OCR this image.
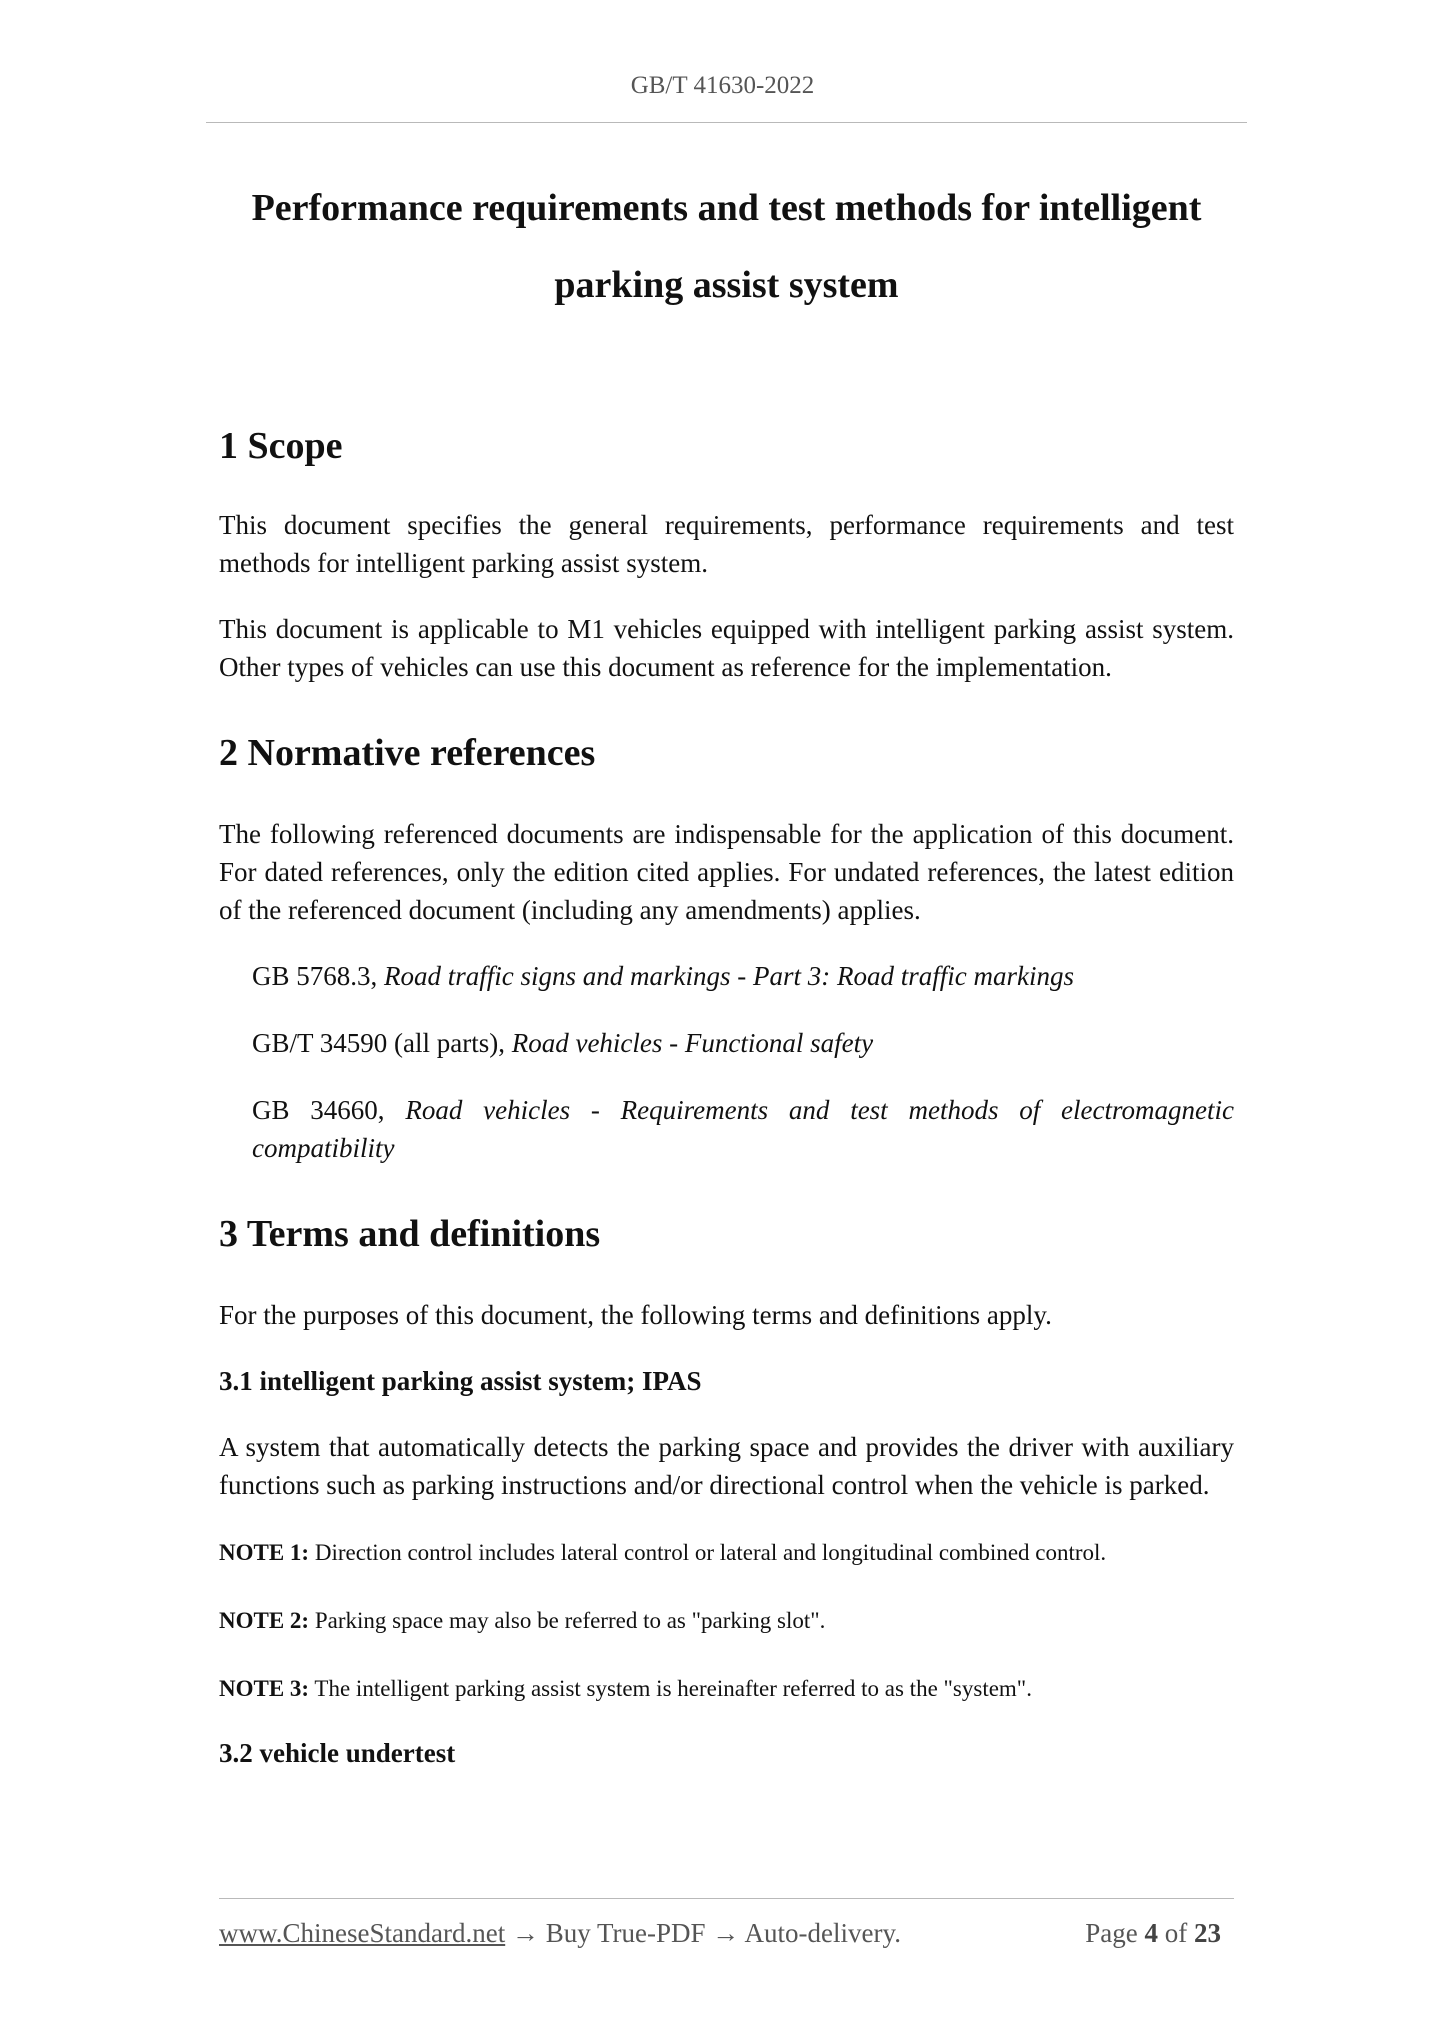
GB/T 41630-2022

Performance requirements and test methods for intelligent

parking assist system

1 Scope

This document specifies the general requirements, performance requirements and test methods for intelligent parking assist system.

This document is applicable to M1 vehicles equipped with intelligent parking assist system. Other types of vehicles can use this document as reference for the implementation.

2 Normative references

The following referenced documents are indispensable for the application of this document. For dated references, only the edition cited applies. For undated references, the latest edition of the referenced document (including any amendments) applies.

GB 5768.3, Road traffic signs and markings - Part 3: Road traffic markings

GB/T 34590 (all parts), Road vehicles - Functional safety

GB 34660, Road vehicles - Requirements and test methods of electromagnetic compatibility

3 Terms and definitions

For the purposes of this document, the following terms and definitions apply.

3.1 intelligent parking assist system; IPAS

A system that automatically detects the parking space and provides the driver with auxiliary functions such as parking instructions and/or directional control when the vehicle is parked.

NOTE 1: Direction control includes lateral control or lateral and longitudinal combined control.

NOTE 2: Parking space may also be referred to as "parking slot".

NOTE 3: The intelligent parking assist system is hereinafter referred to as the "system".

3.2 vehicle undertest
www.ChineseStandard.net → Buy True-PDF → Auto-delivery.	Page 4 of 23
